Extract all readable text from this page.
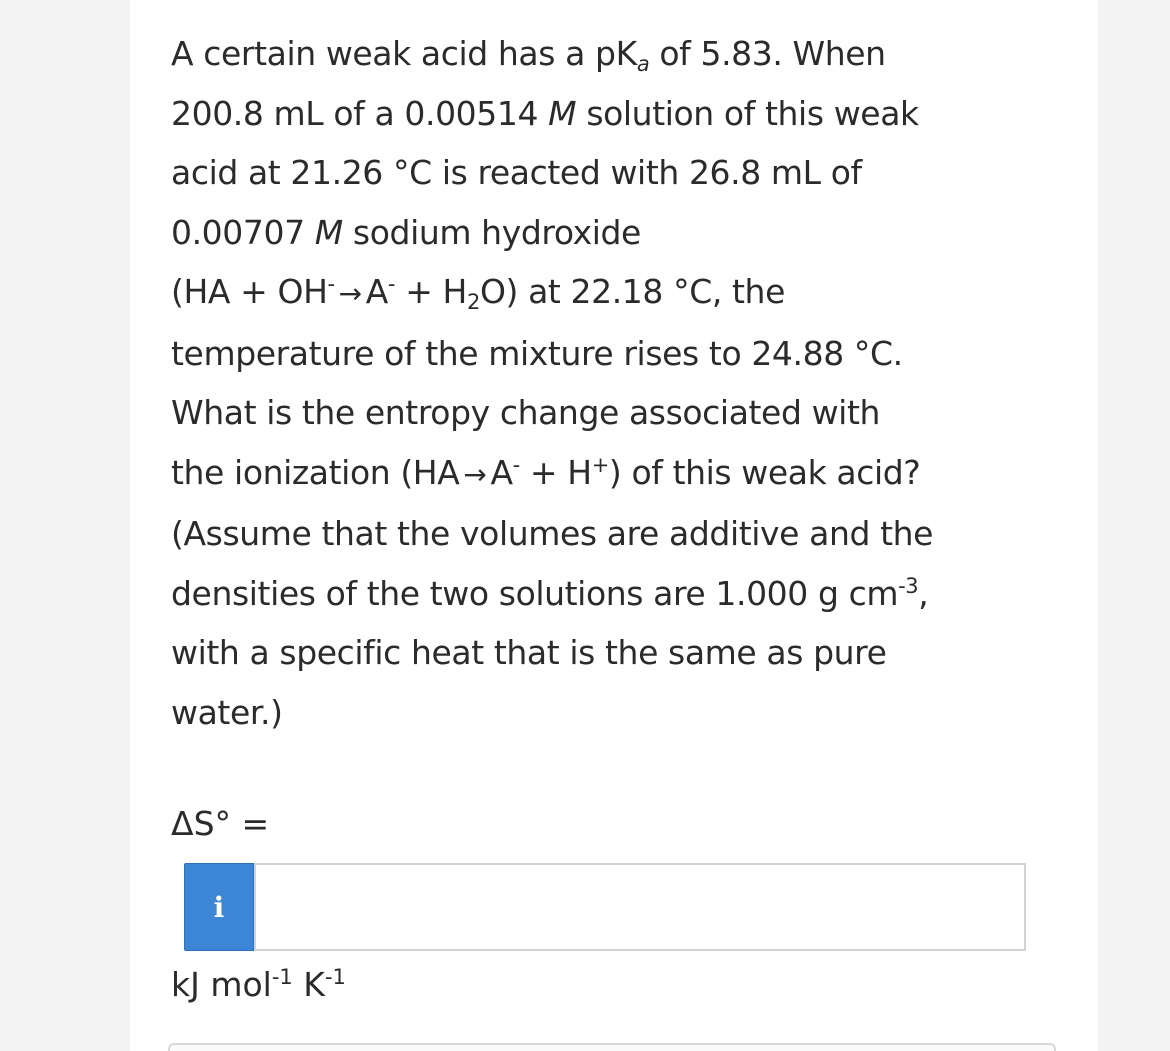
A certain weak acid has a $pK_a$ of 5.83. When
200.8 mL of a 0.00514 M solution of this weak
acid at 21.26 °C is reacted with 26.8 mL of
0.00707 M sodium hydroxide
$(HA + OH^- \to A^- + H_2O)$ at 22.18 °C, the
temperature of the mixture rises to 24.88 °C.
What is the entropy change associated with
the ionization (HA → A- + H+) of this weak acid?
(Assume that the volumes are additive and the
densities of the two solutions are 1.000 g $cm^{-3}$,
with a specific heat that is the same as pure
water.)
ΔS° =
i
kJ mol$^{-1}$ $K^{-1}$
